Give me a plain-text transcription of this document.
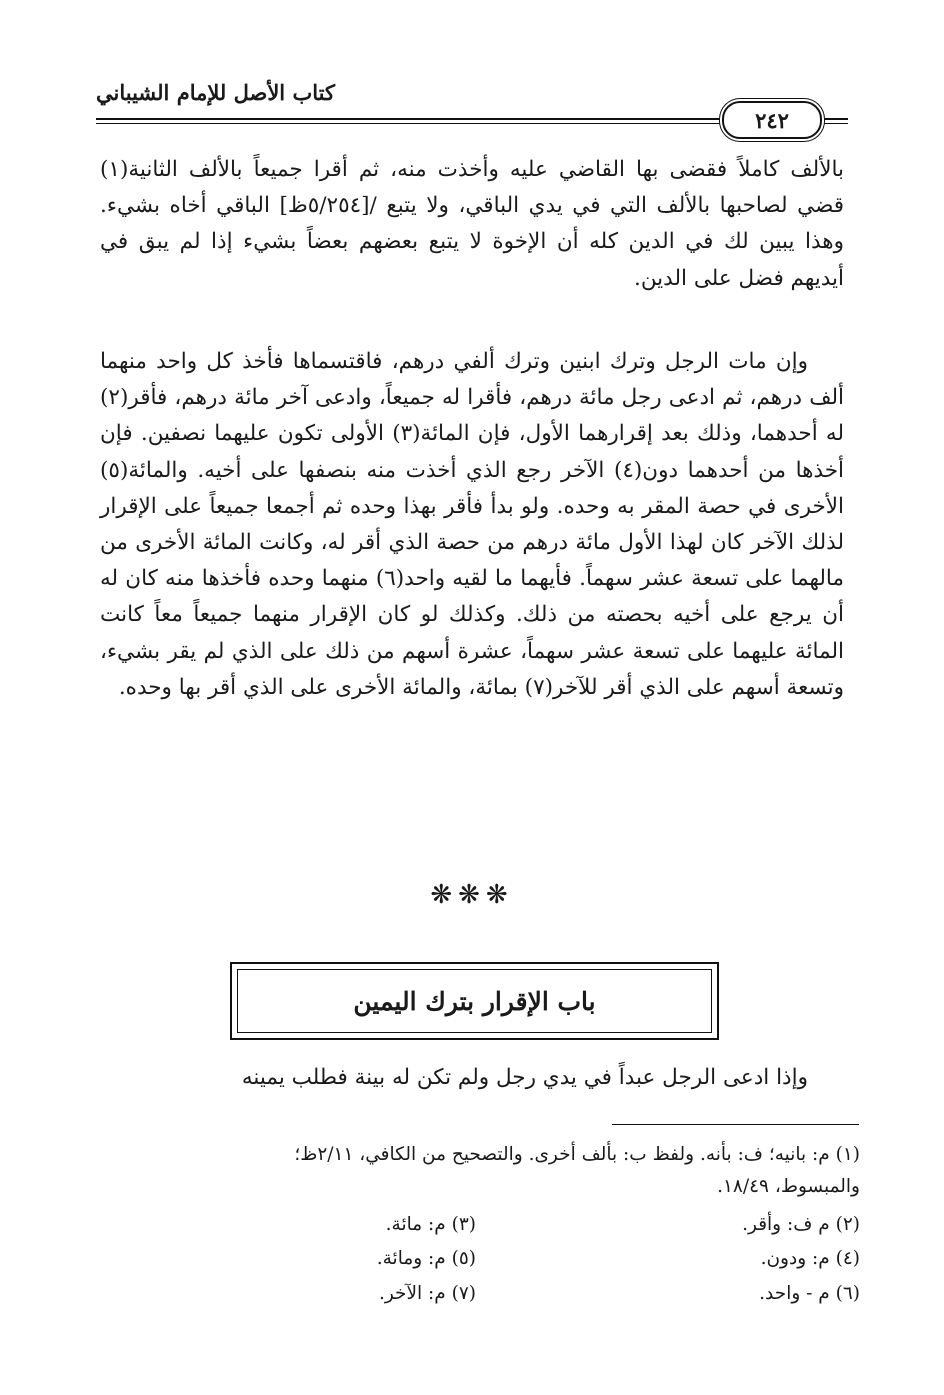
كتاب الأصل للإمام الشيباني
٢٤٢
بالألف كاملاً فقضى بها القاضي عليه وأخذت منه، ثم أقرا جميعاً بالألف الثانية(١) قضي لصاحبها بالألف التي في يدي الباقي، ولا يتبع /[٥/٢٥٤ظ] الباقي أخاه بشيء. وهذا يبين لك في الدين كله أن الإخوة لا يتبع بعضهم بعضاً بشيء إذا لم يبق في أيديهم فضل على الدين.
وإن مات الرجل وترك ابنين وترك ألفي درهم، فاقتسماها فأخذ كل واحد منهما ألف درهم، ثم ادعى رجل مائة درهم، فأقرا له جميعاً، وادعى آخر مائة درهم، فأقر(٢) له أحدهما، وذلك بعد إقرارهما الأول، فإن المائة(٣) الأولى تكون عليهما نصفين. فإن أخذها من أحدهما دون(٤) الآخر رجع الذي أخذت منه بنصفها على أخيه. والمائة(٥) الأخرى في حصة المقر به وحده. ولو بدأ فأقر بهذا وحده ثم أجمعا جميعاً على الإقرار لذلك الآخر كان لهذا الأول مائة درهم من حصة الذي أقر له، وكانت المائة الأخرى من مالهما على تسعة عشر سهماً. فأيهما ما لقيه واحد(٦) منهما وحده فأخذها منه كان له أن يرجع على أخيه بحصته من ذلك. وكذلك لو كان الإقرار منهما جميعاً معاً كانت المائة عليهما على تسعة عشر سهماً، عشرة أسهم من ذلك على الذي لم يقر بشيء، وتسعة أسهم على الذي أقر للآخر(٧) بمائة، والمائة الأخرى على الذي أقر بها وحده.
❋❋❋
باب الإقرار بترك اليمين
وإذا ادعى الرجل عبداً في يدي رجل ولم تكن له بينة فطلب يمينه
(١) م: بانيه؛ ف: بأنه. ولفظ ب: بألف أخرى. والتصحيح من الكافي، ٢/١١ظ؛
والمبسوط، ١٨/٤٩.
(٢) م ف: وأقر.
(٣) م: مائة.
(٤) م: ودون.
(٥) م: ومائة.
(٦) م - واحد.
(٧) م: الآخر.
